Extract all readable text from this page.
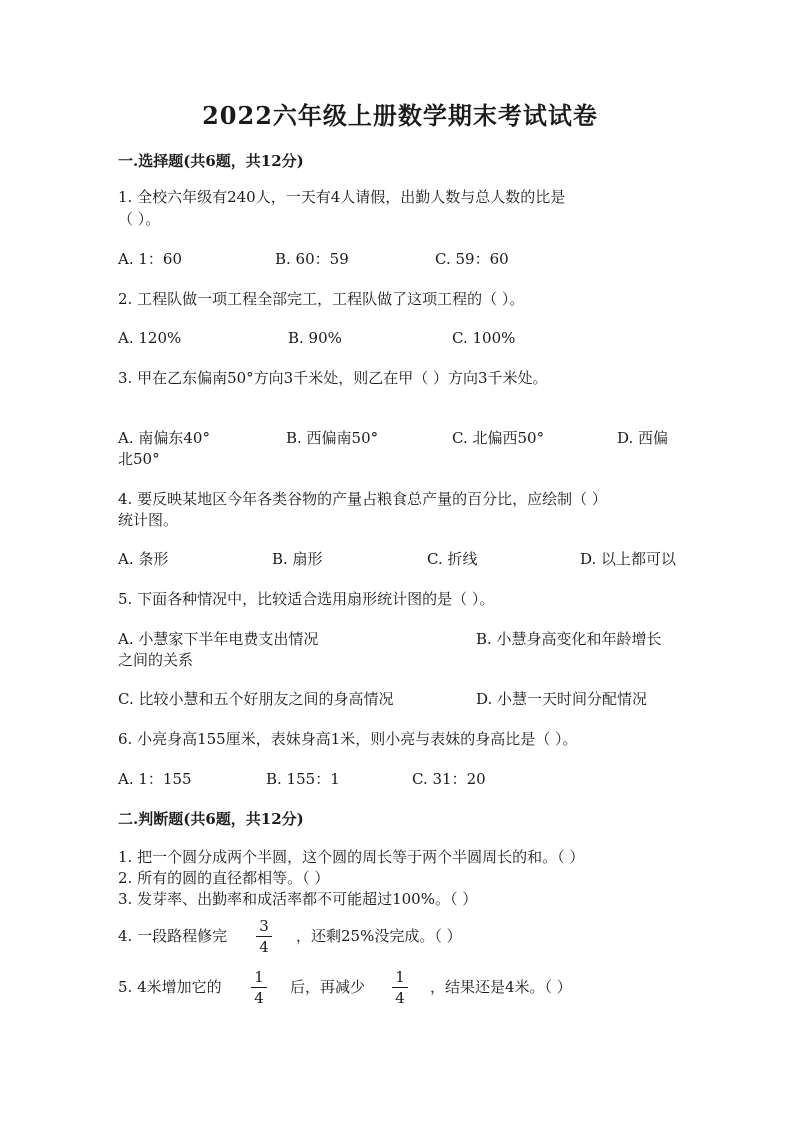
2022六年级上册数学期末考试试卷
一.选择题(共6题，共12分)
1. 全校六年级有240人，一天有4人请假，出勤人数与总人数的比是
（ ）。
A. 1：60	B. 60：59	C. 59：60
2. 工程队做一项工程全部完工，工程队做了这项工程的（ ）。
A. 120%	B. 90%	C. 100%
3. 甲在乙东偏南50°方向3千米处，则乙在甲（ ）方向3千米处。
A. 南偏东40°	B. 西偏南50°	C. 北偏西50°	D. 西偏
北50°
4. 要反映某地区今年各类谷物的产量占粮食总产量的百分比，应绘制（ ）
统计图。
A. 条形	B. 扇形	C. 折线	D. 以上都可以
5. 下面各种情况中，比较适合选用扇形统计图的是（ ）。
A. 小慧家下半年电费支出情况	B. 小慧身高变化和年龄增长
之间的关系
C. 比较小慧和五个好朋友之间的身高情况	D. 小慧一天时间分配情况
6. 小亮身高155厘米，表妹身高1米，则小亮与表妹的身高比是（ ）。
A. 1：155	B. 155：1	C. 31：20
二.判断题(共6题，共12分)
1. 把一个圆分成两个半圆，这个圆的周长等于两个半圆周长的和。（ ）
2. 所有的圆的直径都相等。（ ）
3. 发芽率、出勤率和成活率都不可能超过100%。（ ）
4. 一段路程修完
3
4
，还剩25%没完成。（ ）
5. 4米增加它的
1
4
后，再减少
1
4
，结果还是4米。（ ）
